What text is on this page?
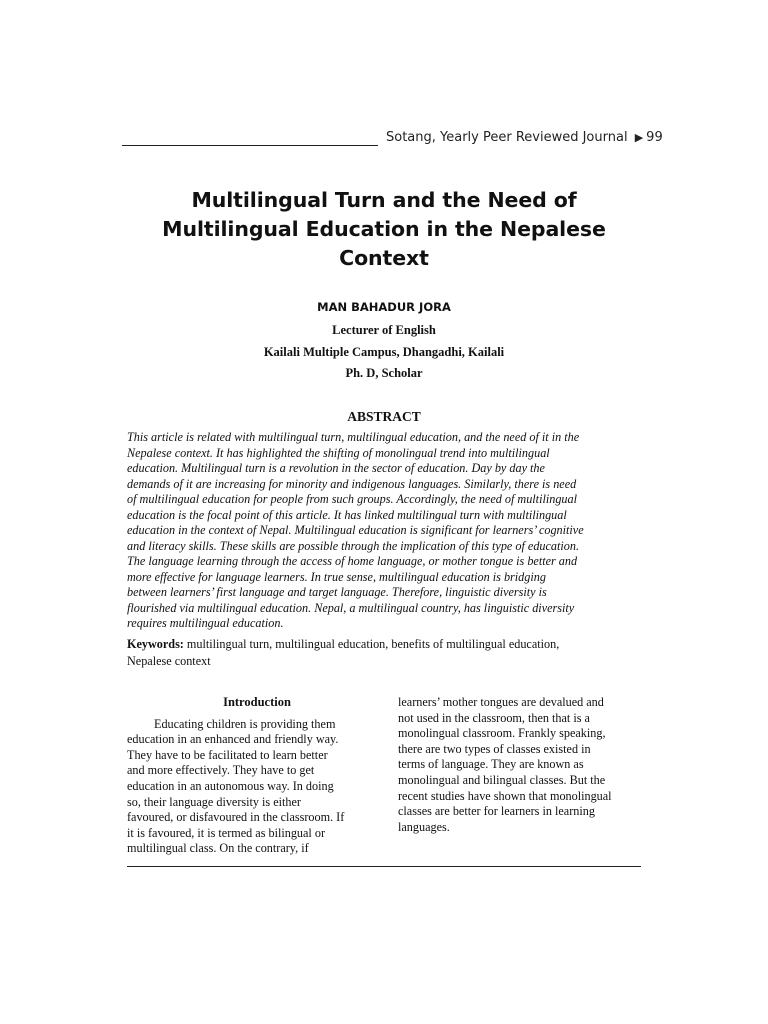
Sotang, Yearly Peer Reviewed Journal ▶ 99
Multilingual Turn and the Need of
Multilingual Education in the Nepalese
Context
MAN BAHADUR JORA
Lecturer of English
Kailali Multiple Campus, Dhangadhi, Kailali
Ph. D, Scholar
ABSTRACT
This article is related with multilingual turn, multilingual education, and the need of it in the
Nepalese context. It has highlighted the shifting of monolingual trend into multilingual
education. Multilingual turn is a revolution in the sector of education. Day by day the
demands of it are increasing for minority and indigenous languages. Similarly, there is need
of multilingual education for people from such groups. Accordingly, the need of multilingual
education is the focal point of this article. It has linked multilingual turn with multilingual
education in the context of Nepal. Multilingual education is significant for learners’ cognitive
and literacy skills. These skills are possible through the implication of this type of education.
The language learning through the access of home language, or mother tongue is better and
more effective for language learners. In true sense, multilingual education is bridging
between learners’ first language and target language. Therefore, linguistic diversity is
flourished via multilingual education. Nepal, a multilingual country, has linguistic diversity
requires multilingual education.
Keywords: multilingual turn, multilingual education, benefits of multilingual education,
Nepalese context
Introduction
Educating children is providing them
education in an enhanced and friendly way.
They have to be facilitated to learn better
and more effectively. They have to get
education in an autonomous way. In doing
so, their language diversity is either
favoured, or disfavoured in the classroom. If
it is favoured, it is termed as bilingual or
multilingual class. On the contrary, if
learners’ mother tongues are devalued and
not used in the classroom, then that is a
monolingual classroom. Frankly speaking,
there are two types of classes existed in
terms of language. They are known as
monolingual and bilingual classes. But the
recent studies have shown that monolingual
classes are better for learners in learning
languages.
